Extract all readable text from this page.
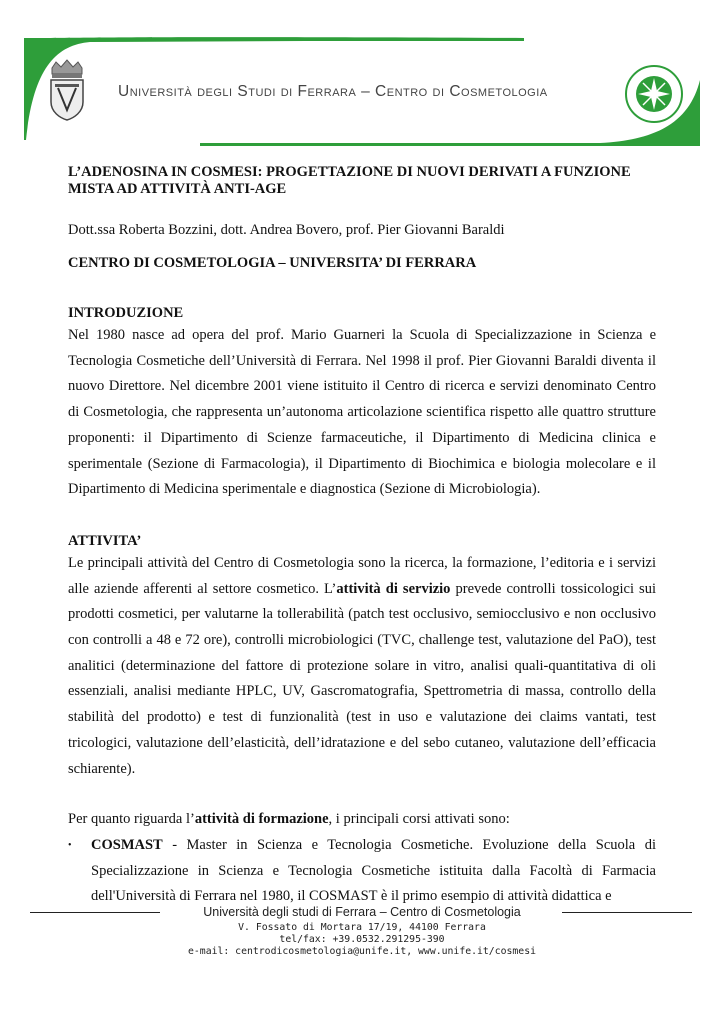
Università degli Studi di Ferrara – Centro di Cosmetologia

L’ADENOSINA IN COSMESI: PROGETTAZIONE DI NUOVI DERIVATI A FUNZIONE MISTA AD ATTIVITÀ ANTI-AGE

Dott.ssa Roberta Bozzini, dott. Andrea Bovero, prof. Pier Giovanni Baraldi

CENTRO DI COSMETOLOGIA – UNIVERSITA’ DI FERRARA

INTRODUZIONE

Nel 1980 nasce ad opera del prof. Mario Guarneri la Scuola di Specializzazione in Scienza e Tecnologia Cosmetiche dell’Università di Ferrara. Nel 1998 il prof. Pier Giovanni Baraldi diventa il nuovo Direttore. Nel dicembre 2001 viene istituito il Centro di ricerca e servizi denominato Centro di Cosmetologia, che rappresenta un’autonoma articolazione scientifica rispetto alle quattro strutture proponenti: il Dipartimento di Scienze farmaceutiche, il Dipartimento di Medicina clinica e sperimentale (Sezione di Farmacologia), il Dipartimento di Biochimica e biologia molecolare e il Dipartimento di Medicina sperimentale e diagnostica (Sezione di Microbiologia).

ATTIVITA’

Le principali attività del Centro di Cosmetologia sono la ricerca, la formazione, l’editoria e i servizi alle aziende afferenti al settore cosmetico. L’attività di servizio prevede controlli tossicologici sui prodotti cosmetici, per valutarne la tollerabilità (patch test occlusivo, semiocclusivo e non occlusivo con controlli a 48 e 72 ore), controlli microbiologici (TVC, challenge test, valutazione del PaO), test analitici (determinazione del fattore di protezione solare in vitro, analisi quali-quantitativa di oli essenziali, analisi mediante HPLC, UV, Gascromatografia, Spettrometria di massa, controllo della stabilità del prodotto) e test di funzionalità (test in uso e valutazione dei claims vantati, test tricologici, valutazione dell’elasticità, dell’idratazione e del sebo cutaneo, valutazione dell’efficacia schiarente).

Per quanto riguarda l’attività di formazione, i principali corsi attivati sono:

• COSMAST - Master in Scienza e Tecnologia Cosmetiche. Evoluzione della Scuola di Specializzazione in Scienza e Tecnologia Cosmetiche istituita dalla Facoltà di Farmacia dell'Università di Ferrara nel 1980, il COSMAST è il primo esempio di attività didattica e
Università degli studi di Ferrara – Centro di Cosmetologia
V. Fossato di Mortara 17/19, 44100 Ferrara
tel/fax: +39.0532.291295-390
e-mail: centrodicosmetologia@unife.it, www.unife.it/cosmesi
